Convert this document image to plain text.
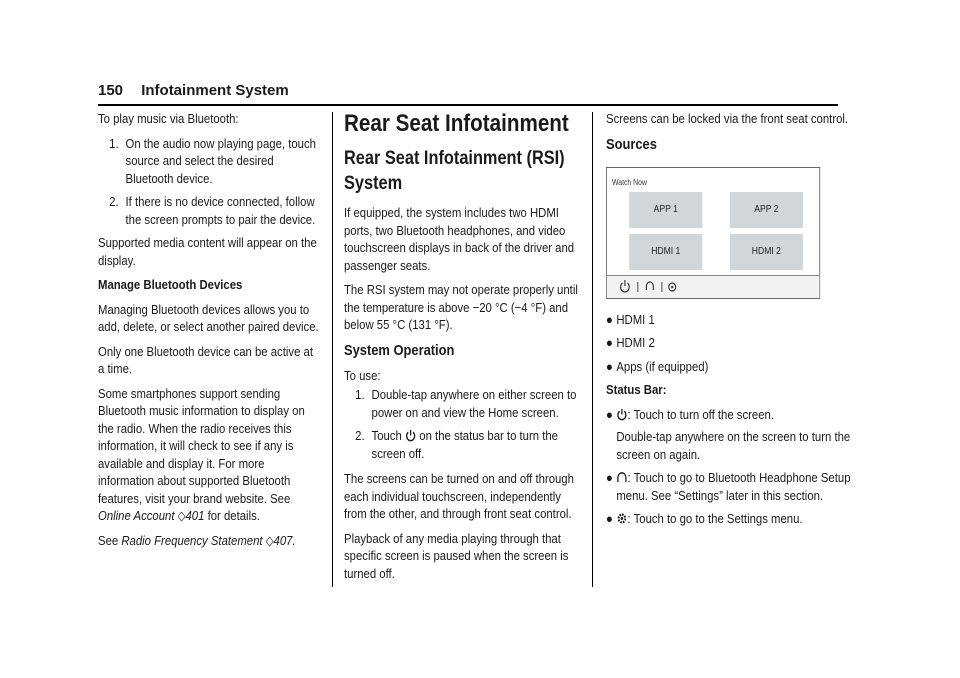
150 Infotainment System

To play music via Bluetooth:

1. On the audio now playing page, touch source and select the desired Bluetooth device.
2. If there is no device connected, follow the screen prompts to pair the device.

Supported media content will appear on the display.

Manage Bluetooth Devices

Managing Bluetooth devices allows you to add, delete, or select another paired device.

Only one Bluetooth device can be active at a time.

Some smartphones support sending Bluetooth music information to display on the radio. When the radio receives this information, it will check to see if any is available and display it. For more information about supported Bluetooth features, visit your brand website. See Online Account ◇401 for details.

See Radio Frequency Statement ◇407.

Rear Seat Infotainment
Rear Seat Infotainment (RSI) System

If equipped, the system includes two HDMI ports, two Bluetooth headphones, and video touchscreen displays in back of the driver and passenger seats.

The RSI system may not operate properly until the temperature is above −20 °C (−4 °F) and below 55 °C (131 °F).

System Operation

To use:

1. Double-tap anywhere on either screen to power on and view the Home screen.
2. Touch on the status bar to turn the screen off.

The screens can be turned on and off through each individual touchscreen, independently from the other, and through front seat control.

Playback of any media playing through that specific screen is paused when the screen is turned off.

Screens can be locked via the front seat control.

Sources
Watch Now
APP 1	APP 2
HDMI 1	HDMI 2
● HDMI 1
● HDMI 2
● Apps (if equipped)

Status Bar:

●	: Touch to turn off the screen.
Double-tap anywhere on the screen to turn the screen on again.
●	: Touch to go to Bluetooth Headphone Setup menu. See “Settings” later in this section.
●	: Touch to go to the Settings menu.
